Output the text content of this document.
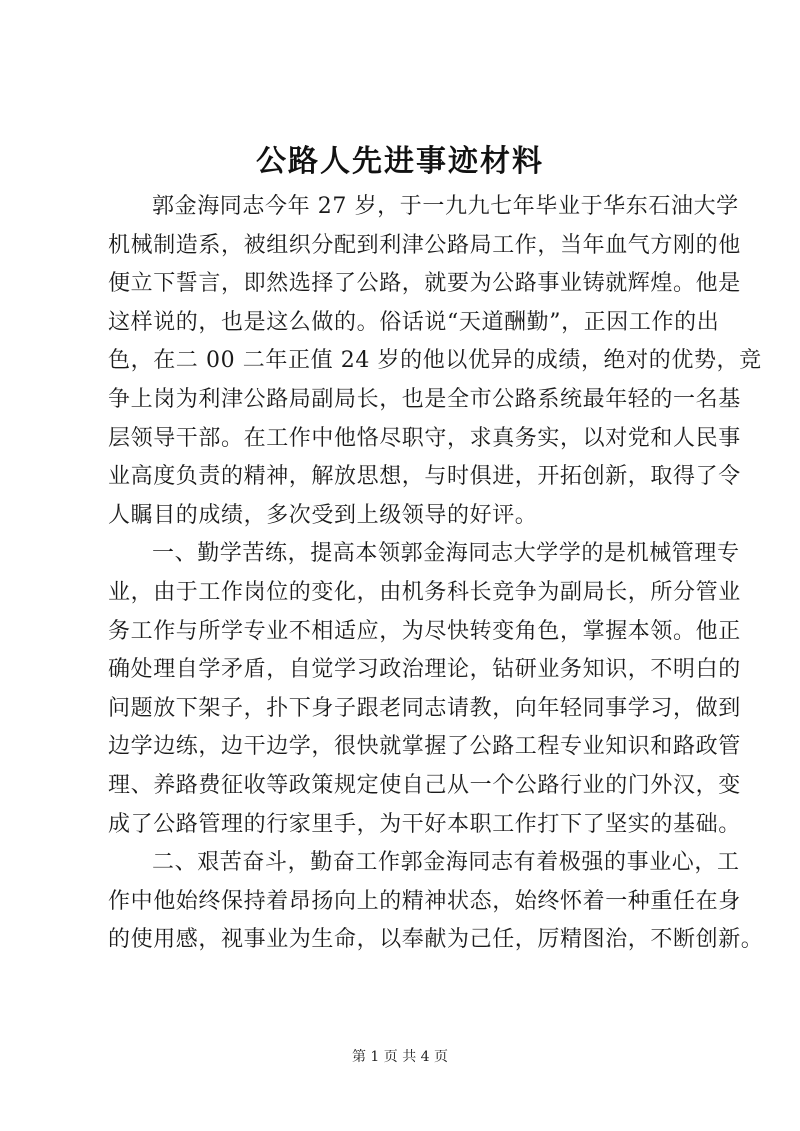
公路人先进事迹材料
郭金海同志今年 27 岁，于一九九七年毕业于华东石油大学
机械制造系，被组织分配到利津公路局工作，当年血气方刚的他
便立下誓言，即然选择了公路，就要为公路事业铸就辉煌。他是
这样说的，也是这么做的。俗话说“天道酬勤”，正因工作的出
色，在二 00 二年正值 24 岁的他以优异的成绩，绝对的优势，竞
争上岗为利津公路局副局长，也是全市公路系统最年轻的一名基
层领导干部。在工作中他恪尽职守，求真务实，以对党和人民事
业高度负责的精神，解放思想，与时俱进，开拓创新，取得了令
人瞩目的成绩，多次受到上级领导的好评。
一、勤学苦练，提高本领郭金海同志大学学的是机械管理专
业，由于工作岗位的变化，由机务科长竞争为副局长，所分管业
务工作与所学专业不相适应，为尽快转变角色，掌握本领。他正
确处理自学矛盾，自觉学习政治理论，钻研业务知识，不明白的
问题放下架子，扑下身子跟老同志请教，向年轻同事学习，做到
边学边练，边干边学，很快就掌握了公路工程专业知识和路政管
理、养路费征收等政策规定使自己从一个公路行业的门外汉，变
成了公路管理的行家里手，为干好本职工作打下了坚实的基础。
二、艰苦奋斗，勤奋工作郭金海同志有着极强的事业心，工
作中他始终保持着昂扬向上的精神状态，始终怀着一种重任在身
的使用感，视事业为生命，以奉献为己任，厉精图治，不断创新。
第 1 页 共 4 页
